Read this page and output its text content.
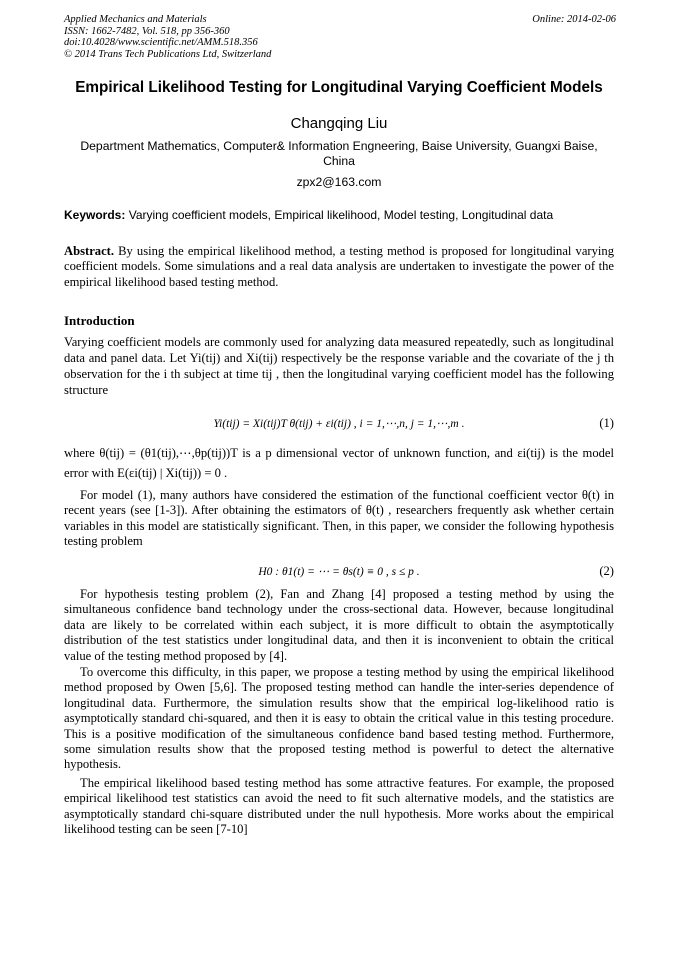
Applied Mechanics and Materials
ISSN: 1662-7482, Vol. 518, pp 356-360
doi:10.4028/www.scientific.net/AMM.518.356
© 2014 Trans Tech Publications Ltd, Switzerland
Online: 2014-02-06
Empirical Likelihood Testing for Longitudinal Varying Coefficient Models
Changqing Liu
Department Mathematics, Computer& Information Engneering, Baise University, Guangxi Baise, China
zpx2@163.com
Keywords: Varying coefficient models, Empirical likelihood, Model testing, Longitudinal data
Abstract. By using the empirical likelihood method, a testing method is proposed for longitudinal varying coefficient models. Some simulations and a real data analysis are undertaken to investigate the power of the empirical likelihood based testing method.
Introduction
Varying coefficient models are commonly used for analyzing data measured repeatedly, such as longitudinal data and panel data. Let Yi(tij) and Xi(tij) respectively be the response variable and the covariate of the j th observation for the i th subject at time tij , then the longitudinal varying coefficient model has the following structure
Yi(tij) = Xi(tij)T θ(tij) + εi(tij) , i = 1,⋯,n, j = 1,⋯,m .	(1)
where θ(tij) = (θ1(tij),⋯,θp(tij))T is a p dimensional vector of unknown function, and εi(tij) is the model error with E(εi(tij) | Xi(tij)) = 0 .
For model (1), many authors have considered the estimation of the functional coefficient vector θ(t) in recent years (see [1-3]). After obtaining the estimators of θ(t) , researchers frequently ask whether certain variables in this model are statistically significant. Then, in this paper, we consider the following hypothesis testing problem
H0 : θ1(t) = ⋯ = θs(t) ≡ 0 , s ≤ p .	(2)
For hypothesis testing problem (2), Fan and Zhang [4] proposed a testing method by using the simultaneous confidence band technology under the cross-sectional data. However, because longitudinal data are likely to be correlated within each subject, it is more difficult to obtain the asymptotically distribution of the test statistics under longitudinal data, and then it is inconvenient to obtain the critical value of the testing method proposed by [4].
To overcome this difficulty, in this paper, we propose a testing method by using the empirical likelihood method proposed by Owen [5,6]. The proposed testing method can handle the inter-series dependence of longitudinal data. Furthermore, the simulation results show that the empirical log-likelihood ratio is asymptotically standard chi-squared, and then it is easy to obtain the critical value in this testing procedure. This is a positive modification of the simultaneous confidence band based testing method. Furthermore, some simulation results show that the proposed testing method is powerful to detect the alternative hypothesis.
The empirical likelihood based testing method has some attractive features. For example, the proposed empirical likelihood test statistics can avoid the need to fit such alternative models, and the statistics are asymptotically standard chi-square distributed under the null hypothesis. More works about the empirical likelihood testing can be seen [7-10]
